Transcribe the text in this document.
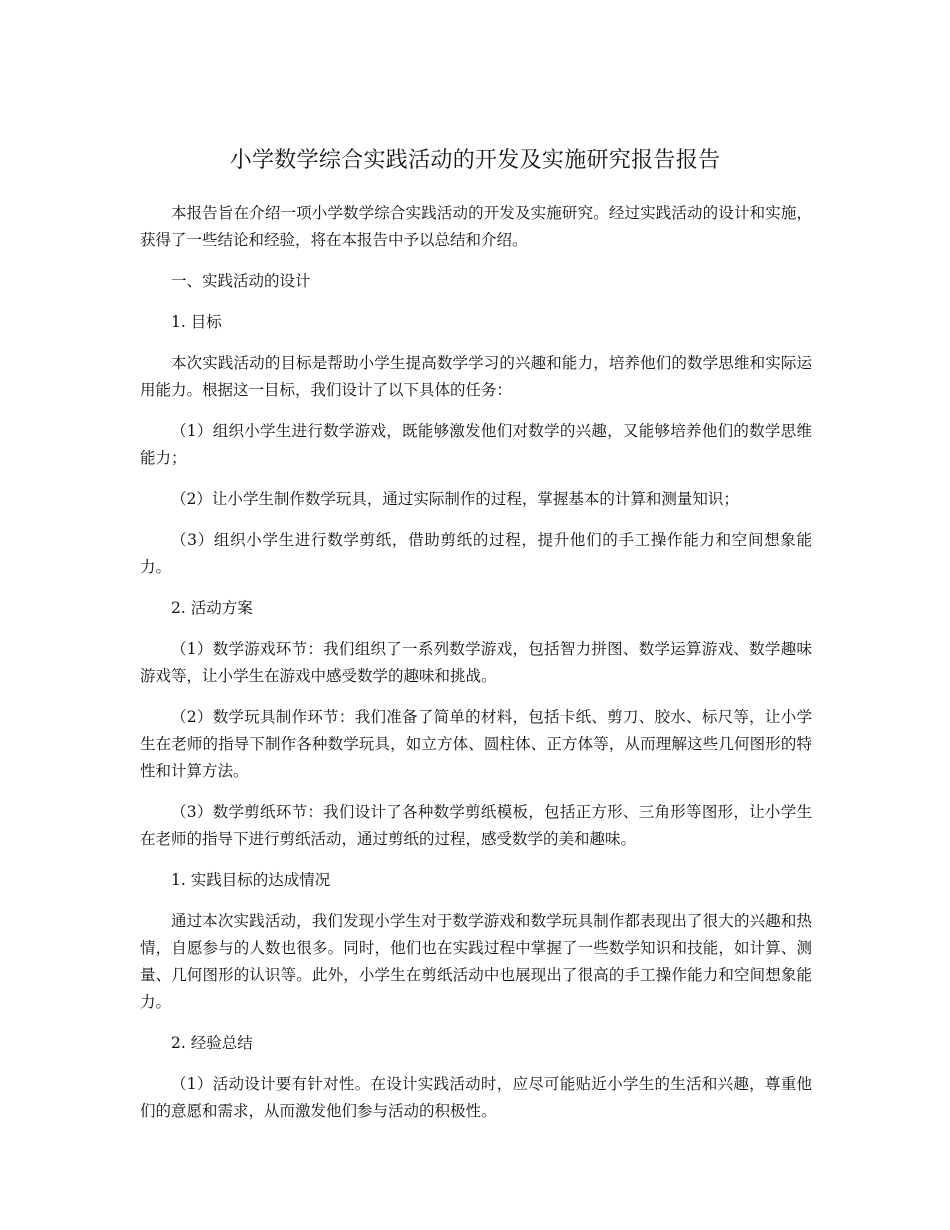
小学数学综合实践活动的开发及实施研究报告报告

本报告旨在介绍一项小学数学综合实践活动的开发及实施研究。经过实践活动的设计和实施，获得了一些结论和经验，将在本报告中予以总结和介绍。

一、实践活动的设计

1. 目标

本次实践活动的目标是帮助小学生提高数学学习的兴趣和能力，培养他们的数学思维和实际运用能力。根据这一目标，我们设计了以下具体的任务：

（1）组织小学生进行数学游戏，既能够激发他们对数学的兴趣，又能够培养他们的数学思维能力；

（2）让小学生制作数学玩具，通过实际制作的过程，掌握基本的计算和测量知识；

（3）组织小学生进行数学剪纸，借助剪纸的过程，提升他们的手工操作能力和空间想象能力。

2. 活动方案

（1）数学游戏环节：我们组织了一系列数学游戏，包括智力拼图、数学运算游戏、数学趣味游戏等，让小学生在游戏中感受数学的趣味和挑战。

（2）数学玩具制作环节：我们准备了简单的材料，包括卡纸、剪刀、胶水、标尺等，让小学生在老师的指导下制作各种数学玩具，如立方体、圆柱体、正方体等，从而理解这些几何图形的特性和计算方法。

（3）数学剪纸环节：我们设计了各种数学剪纸模板，包括正方形、三角形等图形，让小学生在老师的指导下进行剪纸活动，通过剪纸的过程，感受数学的美和趣味。

1. 实践目标的达成情况

通过本次实践活动，我们发现小学生对于数学游戏和数学玩具制作都表现出了很大的兴趣和热情，自愿参与的人数也很多。同时，他们也在实践过程中掌握了一些数学知识和技能，如计算、测量、几何图形的认识等。此外，小学生在剪纸活动中也展现出了很高的手工操作能力和空间想象能力。

2. 经验总结

（1）活动设计要有针对性。在设计实践活动时，应尽可能贴近小学生的生活和兴趣，尊重他们的意愿和需求，从而激发他们参与活动的积极性。
